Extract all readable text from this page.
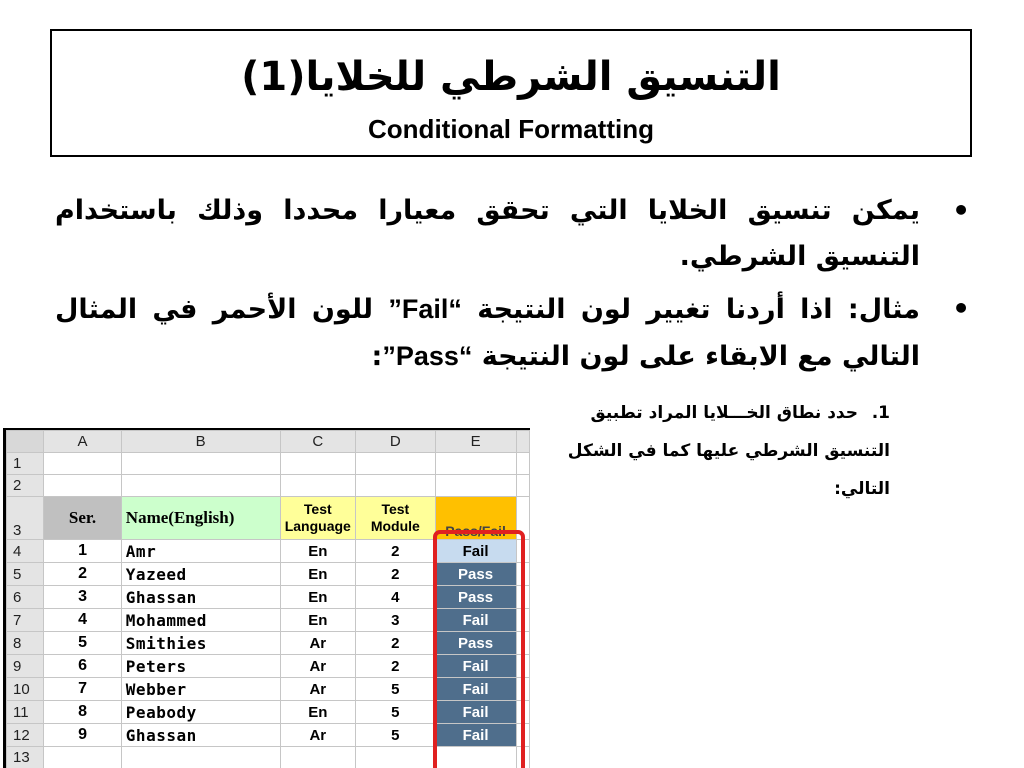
التنسيق الشرطي للخلايا(1)
Conditional Formatting
•
يمكن تنسيق الخلايا التي تحقق معيارا محددا وذلك باستخدام التنسيق الشرطي.
•
مثال: اذا أردنا تغيير لون النتيجة ”Fail“ للون الأحمر في المثال التالي مع الابقاء على لون النتيجة ”Pass“:
1.حدد نطاق الخـــلايا المراد تطبيق التنسيق الشرطي عليها كما في الشكل التالي:
	A	B	C	D	E	
1						
2						
3	Ser.	Name(English)	Test Language	Test Module	Pass/Fail	
4	1	Amr	En	2	Fail	
5	2	Yazeed	En	2	Pass	
6	3	Ghassan	En	4	Pass	
7	4	Mohammed	En	3	Fail	
8	5	Smithies	Ar	2	Pass	
9	6	Peters	Ar	2	Fail	
10	7	Webber	Ar	5	Fail	
11	8	Peabody	En	5	Fail	
12	9	Ghassan	Ar	5	Fail	
13						
